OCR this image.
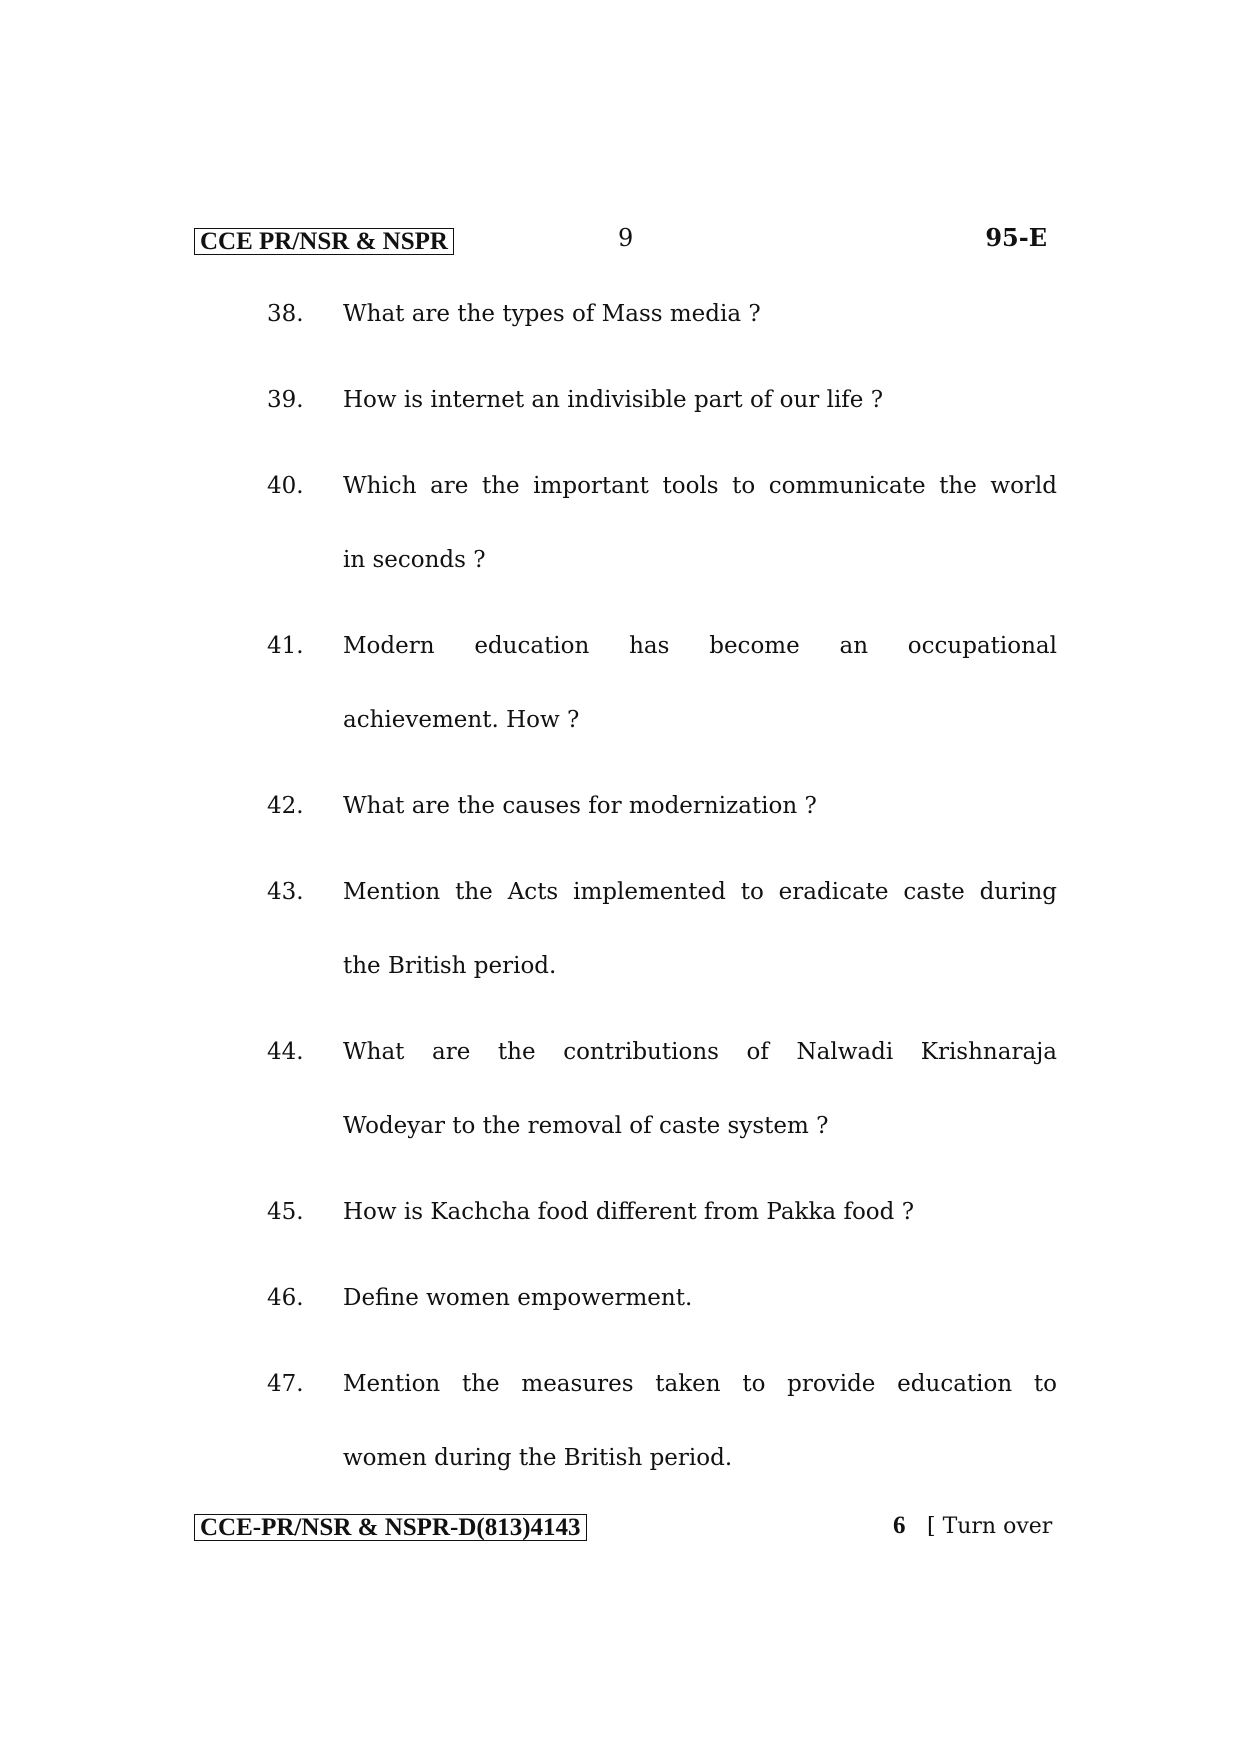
CCE PR/NSR & NSPR	9	95-E
38.	What are the types of Mass media ?
39.	How is internet an indivisible part of our life ?
40.	Which are the important tools to communicate the world
in seconds ?
41.	Modern education has become an occupational
achievement. How ?
42.	What are the causes for modernization ?
43.	Mention the Acts implemented to eradicate caste during
the British period.
44.	What are the contributions of Nalwadi Krishnaraja
Wodeyar to the removal of caste system ?
45.	How is Kachcha food different from Pakka food ?
46.	Define women empowerment.
47.	Mention the measures taken to provide education to
women during the British period.
CCE-PR/NSR & NSPR-D(813)4143	6 [ Turn over
